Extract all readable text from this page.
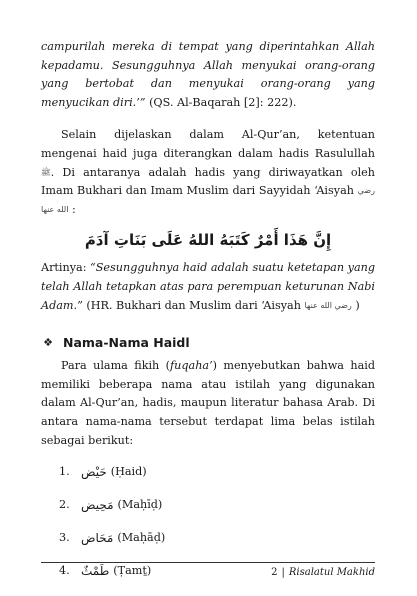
campurilah mereka di tempat yang diperintahkan Allah kepadamu. Sesungguhnya Allah menyukai orang-orang yang bertobat dan menyukai orang-orang yang menyucikan diri.’” (QS. Al-Baqarah [2]: 222).

Selain dijelaskan dalam Al-Qur’an, ketentuan mengenai haid juga diterangkan dalam hadis Rasulullah ﷺ. Di antaranya adalah hadis yang diriwayatkan oleh Imam Bukhari dan Imam Muslim dari Sayyidah ‘Aisyah رضي الله عنها :

إِنَّ هَذَا أَمْرٌ كَتَبَهُ اللهُ عَلَى بَنَاتِ آدَمَ

Artinya: “Sesungguhnya haid adalah suatu ketetapan yang telah Allah tetapkan atas para perempuan keturunan Nabi Adam.” (HR. Bukhari dan Muslim dari ‘Aisyah رضي الله عنها )

❖ Nama-Nama Haidl

Para ulama fikih (fuqaha’) menyebutkan bahwa haid memiliki beberapa nama atau istilah yang digunakan dalam Al-Qur’an, hadis, maupun literatur bahasa Arab. Di antara nama-nama tersebut terdapat lima belas istilah sebagai berikut:

1. حَيْض (Ḥaid)
2. مَحِيض (Maḥīḍ)
3. مَحَاض (Maḥāḍ)
4. طَمْثٌ (Ṭamṯ)	2 | Risalatul Makhid
